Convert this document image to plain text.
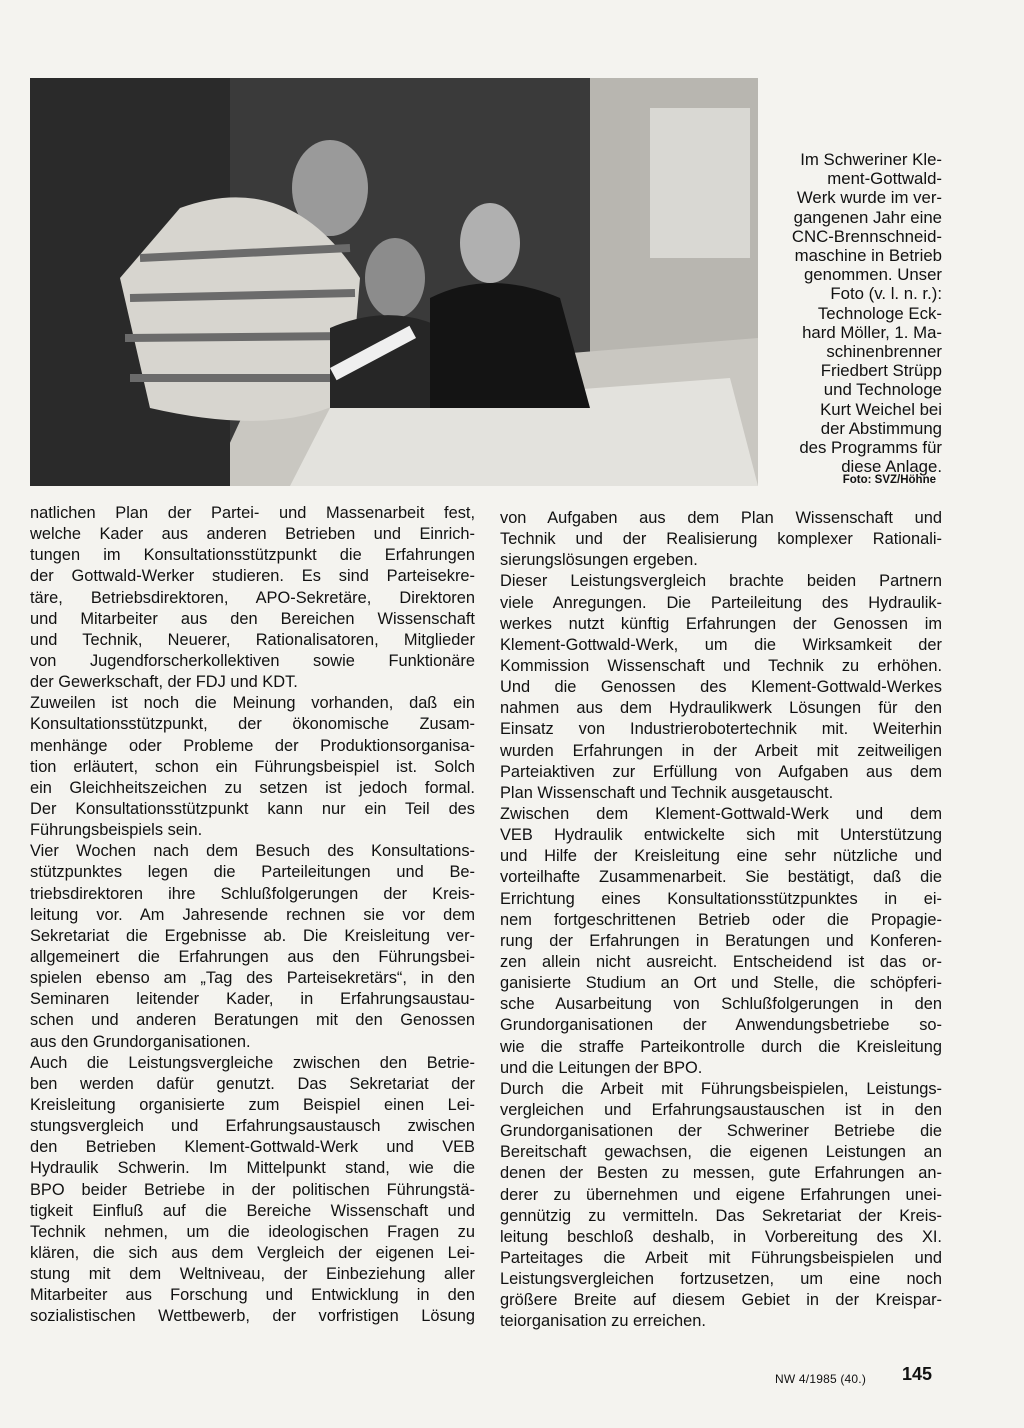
Im Schweriner Kle-
ment-Gottwald-
Werk wurde im ver-
gangenen Jahr eine
CNC-Brennschneid-
maschine in Betrieb
genommen. Unser
Foto (v. l. n. r.):
Technologe Eck-
hard Möller, 1. Ma-
schinenbrenner
Friedbert Strüpp
und Technologe
Kurt Weichel bei
der Abstimmung
des Programms für
diese Anlage.
Foto: SVZ/Höhne
natlichen Plan der Partei- und Massenarbeit fest,
welche Kader aus anderen Betrieben und Einrich-
tungen im Konsultationsstützpunkt die Erfahrungen
der Gottwald-Werker studieren. Es sind Parteisekre-
täre, Betriebsdirektoren, APO-Sekretäre, Direktoren
und Mitarbeiter aus den Bereichen Wissenschaft
und Technik, Neuerer, Rationalisatoren, Mitglieder
von Jugendforscherkollektiven sowie Funktionäre
der Gewerkschaft, der FDJ und KDT.
Zuweilen ist noch die Meinung vorhanden, daß ein
Konsultationsstützpunkt, der ökonomische Zusam-
menhänge oder Probleme der Produktionsorganisa-
tion erläutert, schon ein Führungsbeispiel ist. Solch
ein Gleichheitszeichen zu setzen ist jedoch formal.
Der Konsultationsstützpunkt kann nur ein Teil des
Führungsbeispiels sein.
Vier Wochen nach dem Besuch des Konsultations-
stützpunktes legen die Parteileitungen und Be-
triebsdirektoren ihre Schlußfolgerungen der Kreis-
leitung vor. Am Jahresende rechnen sie vor dem
Sekretariat die Ergebnisse ab. Die Kreisleitung ver-
allgemeinert die Erfahrungen aus den Führungsbei-
spielen ebenso am „Tag des Parteisekretärs“, in den
Seminaren leitender Kader, in Erfahrungsaustau-
schen und anderen Beratungen mit den Genossen
aus den Grundorganisationen.
Auch die Leistungsvergleiche zwischen den Betrie-
ben werden dafür genutzt. Das Sekretariat der
Kreisleitung organisierte zum Beispiel einen Lei-
stungsvergleich und Erfahrungsaustausch zwischen
den Betrieben Klement-Gottwald-Werk und VEB
Hydraulik Schwerin. Im Mittelpunkt stand, wie die
BPO beider Betriebe in der politischen Führungstä-
tigkeit Einfluß auf die Bereiche Wissenschaft und
Technik nehmen, um die ideologischen Fragen zu
klären, die sich aus dem Vergleich der eigenen Lei-
stung mit dem Weltniveau, der Einbeziehung aller
Mitarbeiter aus Forschung und Entwicklung in den
sozialistischen Wettbewerb, der vorfristigen Lösung
von Aufgaben aus dem Plan Wissenschaft und
Technik und der Realisierung komplexer Rationali-
sierungslösungen ergeben.
Dieser Leistungsvergleich brachte beiden Partnern
viele Anregungen. Die Parteileitung des Hydraulik-
werkes nutzt künftig Erfahrungen der Genossen im
Klement-Gottwald-Werk, um die Wirksamkeit der
Kommission Wissenschaft und Technik zu erhöhen.
Und die Genossen des Klement-Gottwald-Werkes
nahmen aus dem Hydraulikwerk Lösungen für den
Einsatz von Industrierobotertechnik mit. Weiterhin
wurden Erfahrungen in der Arbeit mit zeitweiligen
Parteiaktiven zur Erfüllung von Aufgaben aus dem
Plan Wissenschaft und Technik ausgetauscht.
Zwischen dem Klement-Gottwald-Werk und dem
VEB Hydraulik entwickelte sich mit Unterstützung
und Hilfe der Kreisleitung eine sehr nützliche und
vorteilhafte Zusammenarbeit. Sie bestätigt, daß die
Errichtung eines Konsultationsstützpunktes in ei-
nem fortgeschrittenen Betrieb oder die Propagie-
rung der Erfahrungen in Beratungen und Konferen-
zen allein nicht ausreicht. Entscheidend ist das or-
ganisierte Studium an Ort und Stelle, die schöpferi-
sche Ausarbeitung von Schlußfolgerungen in den
Grundorganisationen der Anwendungsbetriebe so-
wie die straffe Parteikontrolle durch die Kreisleitung
und die Leitungen der BPO.
Durch die Arbeit mit Führungsbeispielen, Leistungs-
vergleichen und Erfahrungsaustauschen ist in den
Grundorganisationen der Schweriner Betriebe die
Bereitschaft gewachsen, die eigenen Leistungen an
denen der Besten zu messen, gute Erfahrungen an-
derer zu übernehmen und eigene Erfahrungen unei-
gennützig zu vermitteln. Das Sekretariat der Kreis-
leitung beschloß deshalb, in Vorbereitung des XI.
Parteitages die Arbeit mit Führungsbeispielen und
Leistungsvergleichen fortzusetzen, um eine noch
größere Breite auf diesem Gebiet in der Kreispar-
teiorganisation zu erreichen.
NW 4/1985 (40.) 145
